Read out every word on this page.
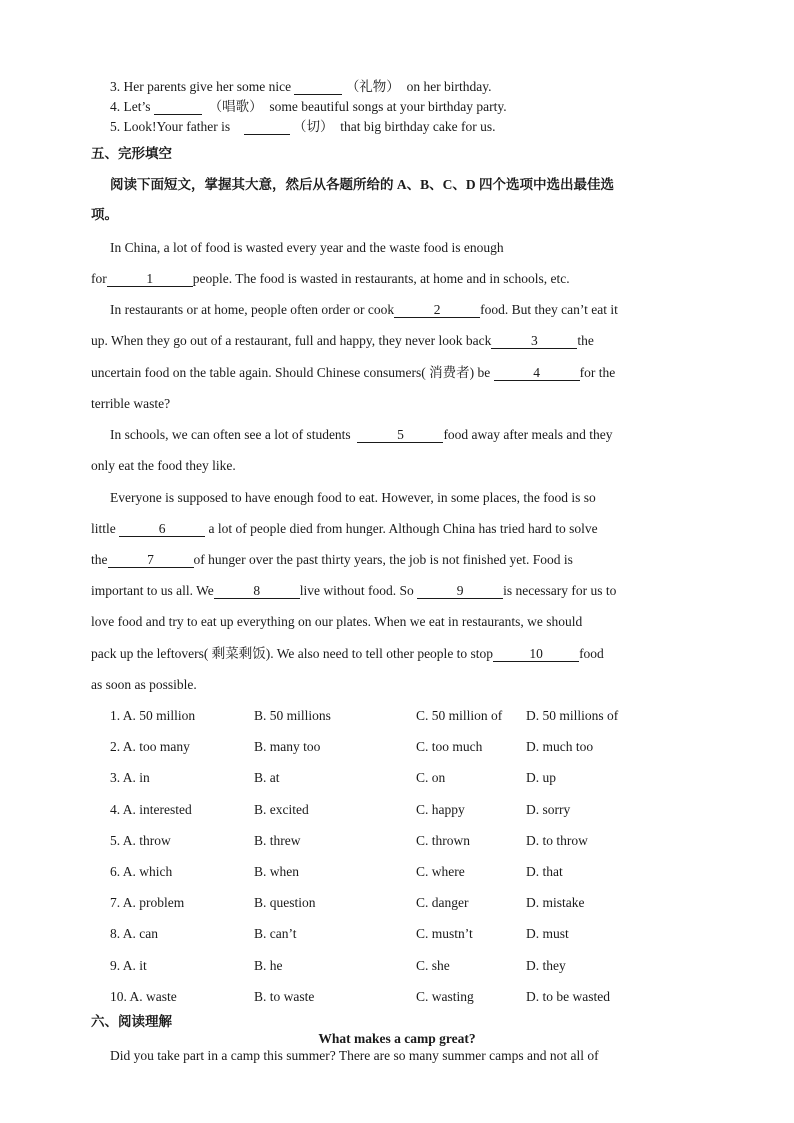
3. Her parents give her some nice	（礼物） on her birthday.
4. Let’s	（唱歌） some beautiful songs at your birthday party.
5. Look!Your father is	（切） that big birthday cake for us.
五、完形填空
阅读下面短文，掌握其大意，然后从各题所给的 A、B、C、D 四个选项中选出最佳选
项。
In China, a lot of food is wasted every year and the waste food is enough
for	1	people. The food is wasted in restaurants, at home and in schools, etc.
In restaurants or at home, people often order or cook	2	food. But they can’t eat it
up. When they go out of a restaurant, full and happy, they never look back	3	the
uncertain food on the table again. Should Chinese consumers( 消费者) be	4	for the
terrible waste?
In schools, we can often see a lot of students	5	food away after meals and they
only eat the food they like.
Everyone is supposed to have enough food to eat. However, in some places, the food is so
little	6	a lot of people died from hunger. Although China has tried hard to solve
the	7	of hunger over the past thirty years, the job is not finished yet. Food is
important to us all. We	8	live without food. So	9	is necessary for us to
love food and try to eat up everything on our plates. When we eat in restaurants, we should
pack up the leftovers( 剩菜剩饭). We also need to tell other people to stop	10	food
as soon as possible.
1. A. 50 million	B. 50 millions	C. 50 million of D. 50 millions of
2. A. too many	B. many too	C. too much	D. much too
3. A. in	B. at	C. on	D. up
4. A. interested	B. excited	C. happy	D. sorry
5. A. throw	B. threw	C. thrown	D. to throw
6. A. which	B. when	C. where	D. that
7. A. problem	B. question	C. danger	D. mistake
8. A. can	B. can’t	C. mustn’t	D. must
9. A. it	B. he	C. she	D. they
10. A. waste	B. to waste	C. wasting	D. to be wasted
六、阅读理解
What makes a camp great?
Did you take part in a camp this summer? There are so many summer camps and not all of
